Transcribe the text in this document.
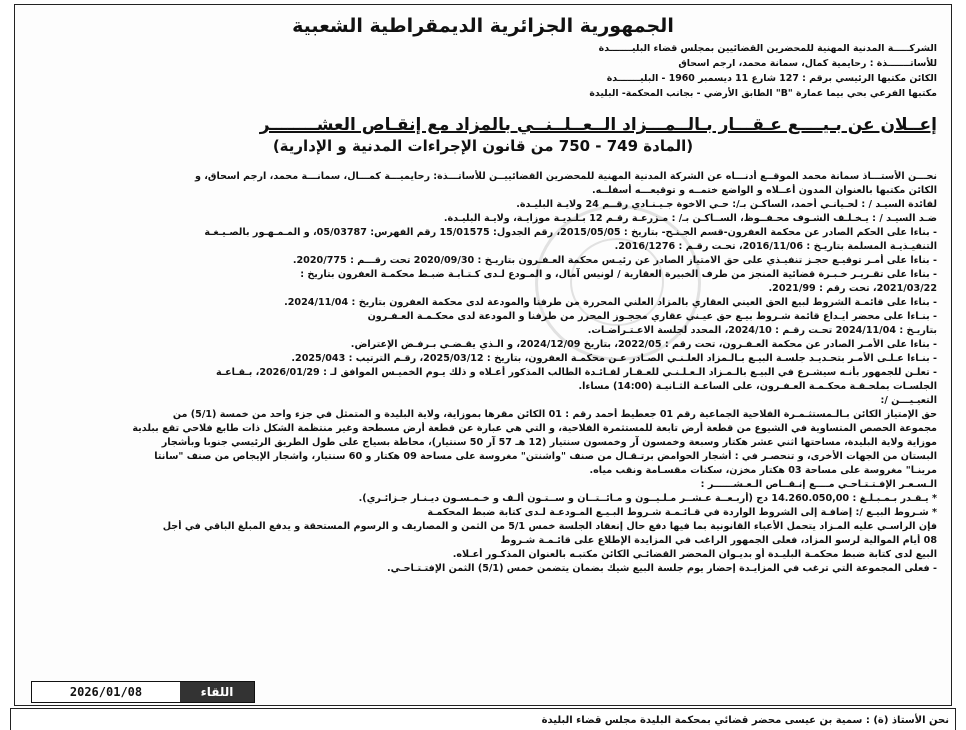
الجمهورية الجزائرية الديمقراطية الشعبية
الشركـــــة المدنية المهنية للمحضرين القضائيين بمجلس قضاء البليـــــــدة
للأساتـــــــذة : رحايمية كمال، سمانة محمد، ارجم اسحاق
الكائن مكتبها الرئيسي برقم : 127 شارع 11 ديسمبر 1960 - البليـــــــدة
مكتبها الفرعي بحي بيما عمارة "B" الطابق الأرضي - بجانب المحكمة- البليدة
إعــلان عن بـيــــع عـقـــار بـالــمـــزاد الــعــلــنــي بالمزاد مع إنقـاص العشــــــــر
(المادة 749 - 750 من قانون الإجراءات المدنية و الإدارية)
نحـــن الأستـــاذ سمانة محمد الموقــع أدنـــاه عن الشركة المدنية المهنية للمحضرين القضائييــن للأساتـــذة: رحايميـــة كمـــال، سمانـــة محمد، ارجم اسحاق، و
الكائن مكتبها بالعنوان المدون أعــلاه و الواضع ختمــه و توقيعـــه أسفلــه.
لفائدة السيـد / : لحـيانـي أحمد، الساكـن بـ/: حـي الاخوة جـيـنـادي رقــم 24 ولايـة البليـدة.
ضـد السيـد / : يـخـلـف الشـوف محـفــوظ، الســاكـن بـ/ : مـزرعـة رقـم 12 بـلـديـة موزايـة، ولايـة البليـدة.
- بناءا على الحكم الصادر عن محكمة العفرون-قسم الجـنـح- بتاريخ : 2015/05/05، رقم الجدول: 15/01575 رقم الفهرس: 05/03787، و المـمـهـور بالصـيـغـة
التنفيـذيـة المسلمة بتاريـخ : 2016/11/06، تحـت رقـم : 2016/1276.
- بناءا على أمـر توقيـع حجـز تنفيـذي على حق الامتياز الصادر عن رئيـس محكمة العـفـرون بتاريـخ : 2020/09/30 تحت رقـــم : 2020/775.
- بناءا على تقـريـر خـبـرة قضائية المنجز من طرف الخبيرة العقارية / لونيس آمال، و المـودع لـدى كـتـابـة ضبـط محكمـة العفرون بتاريخ :
2021/03/22، تحت رقم : 2021/99.
- بناءا على قائمـة الشروط لبيع الحق العيني العقاري بالمزاد العلني المحررة من طرفنا والمودعة لدى محكمة العفرون بتاريخ : 2024/11/04.
- بنـاءا على محضر ايـداع قائمة شـروط بيـع حق عيـني عقاري محجـوز المحرر من طرفنا و المودعة لدى محكـمـة العـفـرون
بتاريـخ : 2024/11/04 تحـت رقـم : 2024/10، المحدد لجلسة الاعـتـراضـات.
- بناءا على الأمـر الصادر عن محكمة العـفـرون، تحت رقم : 2022/05، بتاريخ 2024/12/09، و الـذي يقـضـي بـرفـض الإعتراض.
- بنـاءا عـلـى الأمـر بتحـديـد جلسـة البيـع بـالـمزاد العلـنـي الصـادر عـن محكمـة العفرون، بتاريخ : 2025/03/12، رقـم الترتيب : 2025/043.
- تعلـن للجمهور بأنـه سيشـرع في البيـع بالـمـزاد الـعـلـنـي للعـقـار لفـائـدة الطالب المذكور أعـلاه و ذلك يـوم الخميـس الموافق لـ : 2026/01/29، بـقـاعـة
الجلسـات بملحـقـة محكـمـة العـفـرون، على الساعـة الثـانيـة (14:00) مساءا.
التعيـيـــن /:
حق الإمتياز الكائن بـالـمستثـمـرة الفلاحية الجماعية رقم 01 جعطيط أحمد رقم : 01 الكائن مقرها بموزاية، ولاية البليدة و المتمثل في جزء واحد من خمسة (5/1) من
مجموعة الحصص المتساوية في الشيوع من قطعة أرض تابعة للمستثمرة الفلاحية، و التي هي عبارة عن قطعة أرض مسطحة وغير منتظمة الشكل ذات طابع فلاحي تقع ببلدية
موزاية ولاية البليدة، مساحتها اثني عشر هكتار وسبعة وخمسون آر وخمسون سنتيار (12 هـ 57 آر 50 سنتيار)، محاطة بسياج على طول الطريق الرئيسي جنوبا وبأشجار
البستان من الجهات الأخرى، و تنحصـر في : أشجار الحوامض برتـقـال من صنف "واشنتن" مغروسة على مساحة 09 هكتار و 60 سنتيار، واشجار الإيجاص من صنف "سانتا
مرينـا" مغروسة على مساحة 03 هكتار مخزن، سكنات مقسـامة ونقب مياه.
الـسـعـر الإفـتـتـاحـي مــــع إنـقــاص الـعـشــــــر :
* يـقـدر بـمـبـلـغ : 14.260.050,00 دج (أربـعــة عـشــر مـلـيــون و مـائــتــان و ســتـون ألـف و خـمـسـون ديـنـار جـزائـري).
* شـروط البيـع /: إضافـة إلى الشروط الواردة في قـائـمـة شـروط البـيـع المـودعـة لـدى كتابة ضبط المحكمـة
فإن الراسـي عليه المـزاد يتحمل الأعباء القانونية بما فيها دفع حال إنعقاد الجلسة خمس 5/1 من الثمن و المصاريف و الرسوم المستحقة و يدفع المبلغ الباقي في أجل
08 أيام الموالية لرسو المزاد، فعلى الجمهور الراغب في المزايدة الإطلاع على قائـمـة شـروط
البيع لدى كتابة ضبط محكمـة البليـدة أو بديـوان المحضر القضائـي الكائن مكتبـه بالعنوان المذكـور أعـلاه.
- فعلى المجموعة التي ترغب في المزايـدة إحضار يوم جلسة البيع شيك بضمان يتضمن خمس (5/1) الثمن الإفتـتـاحـي.
2026/01/08	اللقاء
نحن الأستاذ (ة) : سمية بن عيسى محضر قضائي بمحكمة البليدة مجلس قضاء البليدة
